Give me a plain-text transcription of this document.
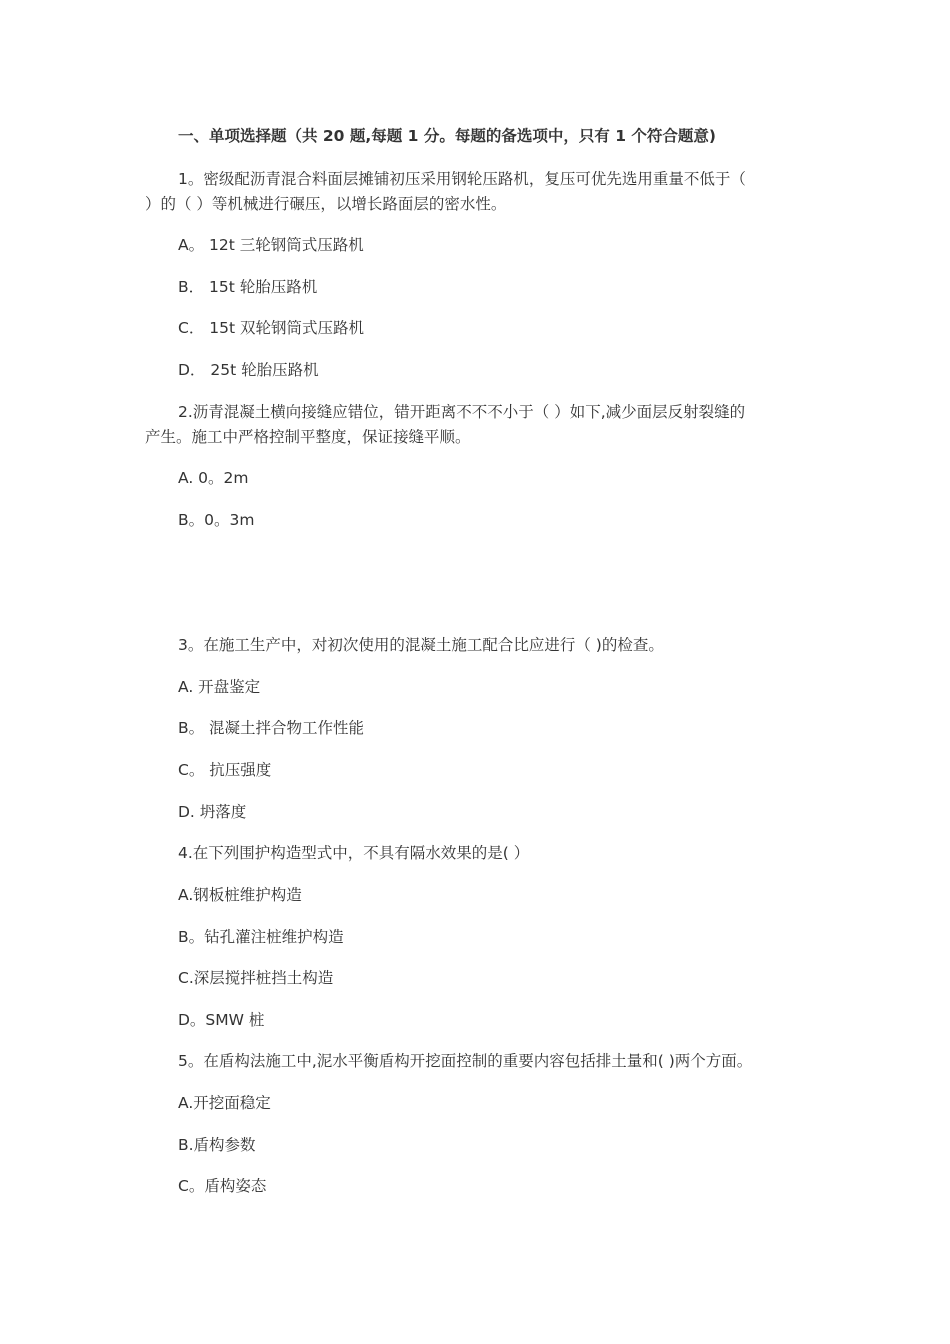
一、单项选择题（共 20 题,每题 1 分。每题的备选项中，只有 1 个符合题意)
1。密级配沥青混合料面层摊铺初压采用钢轮压路机，复压可优先选用重量不低于（
）的（ ）等机械进行碾压，以增长路面层的密水性。
A。 12t 三轮钢筒式压路机
B． 15t 轮胎压路机
C． 15t 双轮钢筒式压路机
D． 25t 轮胎压路机
2.沥青混凝土横向接缝应错位，错开距离不不不小于（ ）如下,减少面层反射裂缝的
产生。施工中严格控制平整度，保证接缝平顺。
A. 0。2m
B。0。3m
3。在施工生产中，对初次使用的混凝土施工配合比应进行（ )的检查。
A. 开盘鉴定
B。 混凝土拌合物工作性能
C。 抗压强度
D. 坍落度
4.在下列围护构造型式中，不具有隔水效果的是( ）
A.钢板桩维护构造
B。钻孔灌注桩维护构造
C.深层搅拌桩挡土构造
D。SMW 桩
5。在盾构法施工中,泥水平衡盾构开挖面控制的重要内容包括排土量和( )两个方面。
A.开挖面稳定
B.盾构参数
C。盾构姿态
